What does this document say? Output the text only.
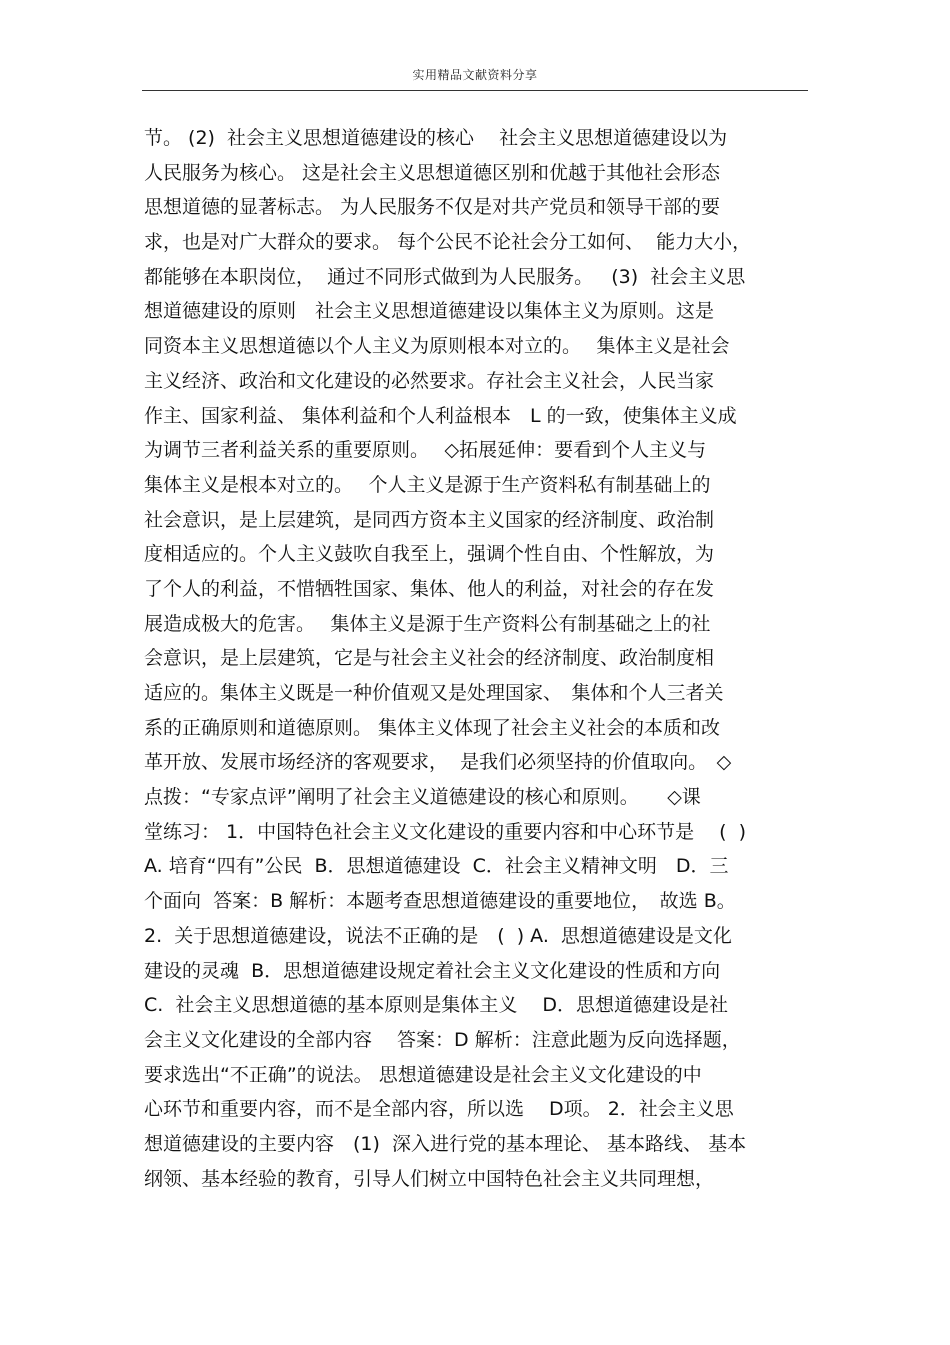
实用精品文献资料分享
节。 (2)  社会主义思想道德建设的核心　 社会主义思想道德建设以为
人民服务为核心。 这是社会主义思想道德区别和优越于其他社会形态
思想道德的显著标志。 为人民服务不仅是对共产党员和领导干部的要
求，也是对广大群众的要求。 每个公民不论社会分工如何、  能力大小，
都能够在本职岗位，  通过不同形式做到为人民服务。   (3)  社会主义思
想道德建设的原则　社会主义思想道德建设以集体主义为原则。这是
同资本主义思想道德以个人主义为原则根本对立的。　 集体主义是社会
主义经济、政治和文化建设的必然要求。存社会主义社会，人民当家
作主、国家利益、 集体利益和个人利益根本　L 的一致，使集体主义成
为调节三者利益关系的重要原则。　 ◇拓展延伸：要看到个人主义与
集体主义是根本对立的。　 个人主义是源于生产资料私有制基础上的
社会意识，是上层建筑，是同西方资本主义国家的经济制度、政治制
度相适应的。个人主义鼓吹自我至上，强调个性自由、个性解放，为
了个人的利益，不惜牺牲国家、集体、他人的利益，对社会的存在发
展造成极大的危害。　 集体主义是源于生产资料公有制基础之上的社
会意识，是上层建筑，它是与社会主义社会的经济制度、政治制度相
适应的。集体主义既是一种价值观又是处理国家、　集体和个人三者关
系的正确原则和道德原则。 集体主义体现了社会主义社会的本质和改
革开放、发展市场经济的客观要求，  是我们必须坚持的价值取向。　◇
点拨：“专家点评”阐明了社会主义道德建设的核心和原则。　　◇课
堂练习： 1．中国特色社会主义文化建设的重要内容和中心环节是　 (  )
A. 培育“四有”公民  B．思想道德建设  C．社会主义精神文明　D．三
个面向  答案：B 解析：本题考查思想道德建设的重要地位，　故选 B。
2.  关于思想道德建设，说法不正确的是　(  ) A.  思想道德建设是文化
建设的灵魂  B．思想道德建设规定着社会主义文化建设的性质和方向
C.  社会主义思想道德的基本原则是集体主义　 D．思想道德建设是社
会主义文化建设的全部内容　 答案：D 解析：注意此题为反向选择题，
要求选出“不正确”的说法。 思想道德建设是社会主义文化建设的中
心环节和重要内容，而不是全部内容，所以选　 D项。 2．社会主义思
想道德建设的主要内容　(1)  深入进行党的基本理论、 基本路线、 基本
纲领、基本经验的教育，引导人们树立中国特色社会主义共同理想，
